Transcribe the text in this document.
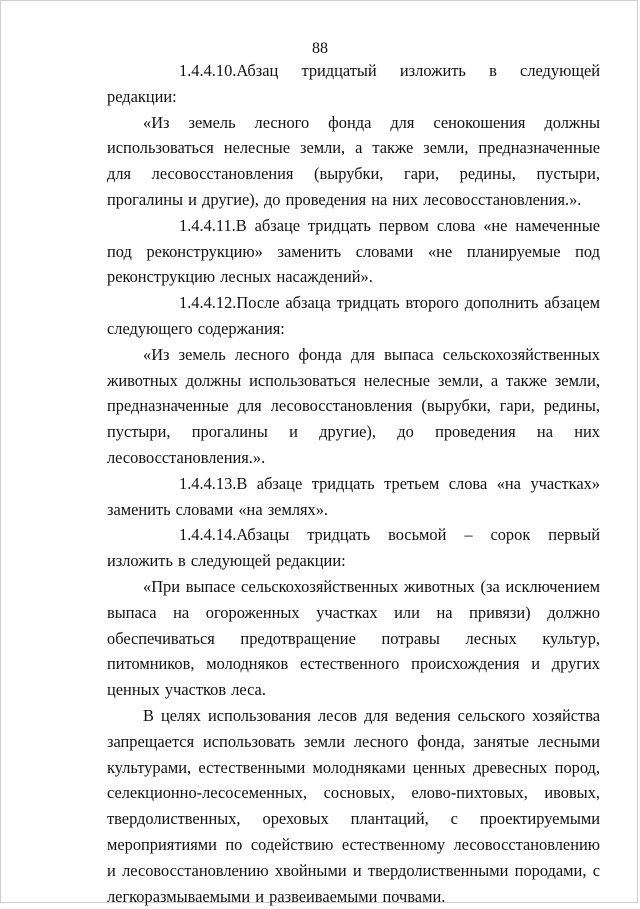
88

1.4.4.10.Абзац тридцатый изложить в следующей редакции:

«Из земель лесного фонда для сенокошения должны использоваться нелесные земли, а также земли, предназначенные для лесовосстановления (вырубки, гари, редины, пустыри, прогалины и другие), до проведения на них лесовосстановления.».

1.4.4.11.В абзаце тридцать первом слова «не намеченные под реконструкцию» заменить словами «не планируемые под реконструкцию лесных насаждений».

1.4.4.12.После абзаца тридцать второго дополнить абзацем следующего содержания:

«Из земель лесного фонда для выпаса сельскохозяйственных животных должны использоваться нелесные земли, а также земли, предназначенные для лесовосстановления (вырубки, гари, редины, пустыри, прогалины и другие), до проведения на них лесовосстановления.».

1.4.4.13.В абзаце тридцать третьем слова «на участках» заменить словами «на землях».

1.4.4.14.Абзацы тридцать восьмой – сорок первый изложить в следующей редакции:

«При выпасе сельскохозяйственных животных (за исключением выпаса на огороженных участках или на привязи) должно обеспечиваться предотвращение потравы лесных культур, питомников, молодняков естественного происхождения и других ценных участков леса.

В целях использования лесов для ведения сельского хозяйства запрещается использовать земли лесного фонда, занятые лесными культурами, естественными молодняками ценных древесных пород, селекционно-лесосеменных, сосновых, елово-пихтовых, ивовых, твердолиственных, ореховых плантаций, с проектируемыми мероприятиями по содействию естественному лесовосстановлению и лесовосстановлению хвойными и твердолиственными породами, с легкоразмываемыми и развеиваемыми почвами.
